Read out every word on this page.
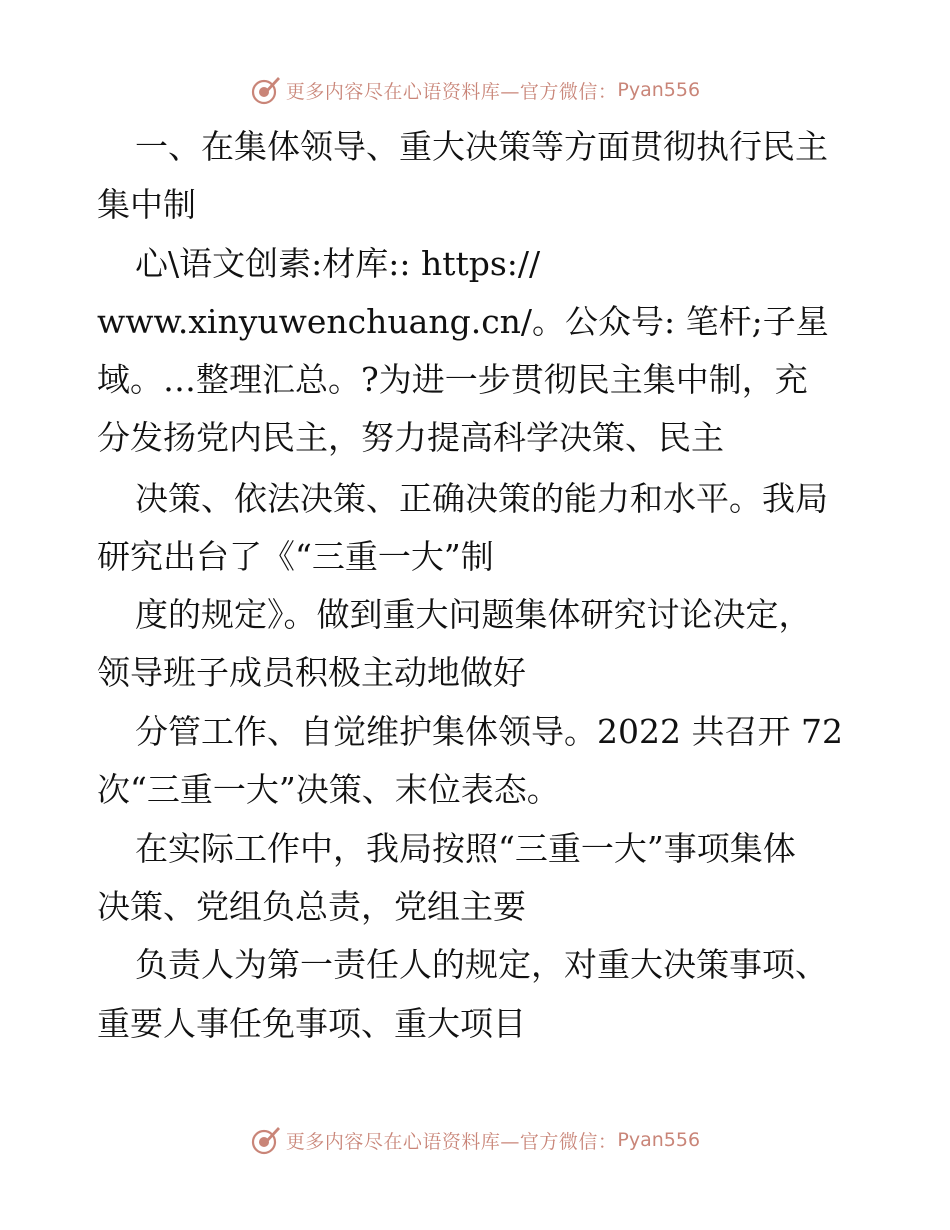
更多内容尽在心语资料库—官方微信： Pyan556
一、在集体领导、重大决策等方面贯彻执行民主
集中制
心\语文创素:材库:: https://
www.xinyuwenchuang.cn/。公众号: 笔杆;子星
域。…整理汇总。?为进一步贯彻民主集中制，充
分发扬党内民主，努力提高科学决策、民主
决策、依法决策、正确决策的能力和水平。我局
研究出台了《“三重一大”制
度的规定》。做到重大问题集体研究讨论决定，
领导班子成员积极主动地做好
分管工作、自觉维护集体领导。2022 共召开 72
次“三重一大”决策、末位表态。
在实际工作中，我局按照“三重一大”事项集体
决策、党组负总责，党组主要
负责人为第一责任人的规定，对重大决策事项、
重要人事任免事项、重大项目
更多内容尽在心语资料库—官方微信： Pyan556
